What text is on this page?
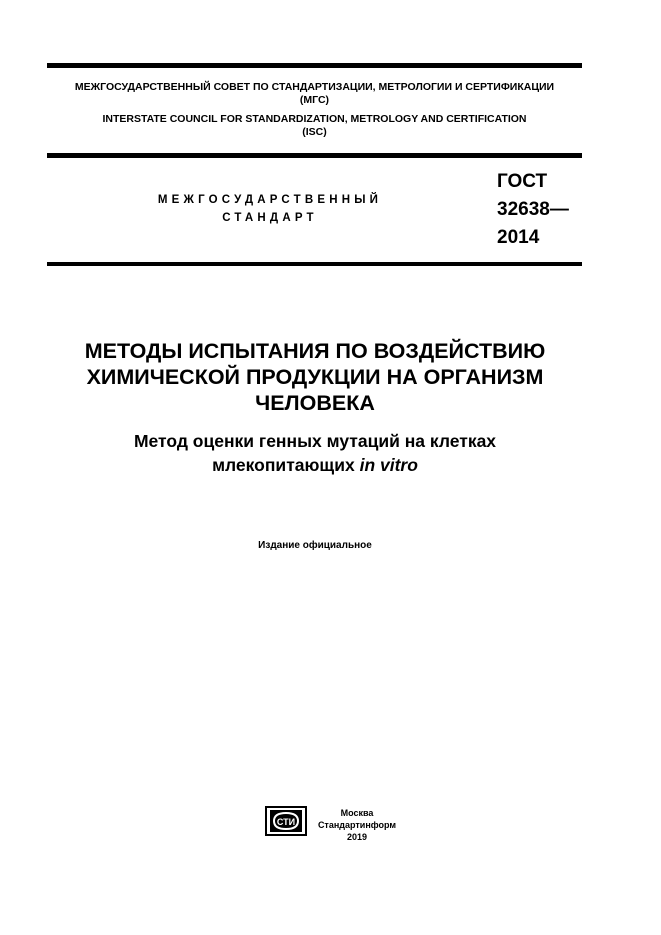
МЕЖГОСУДАРСТВЕННЫЙ СОВЕТ ПО СТАНДАРТИЗАЦИИ, МЕТРОЛОГИИ И СЕРТИФИКАЦИИ
(МГС)
INTERSTATE COUNCIL FOR STANDARDIZATION, METROLOGY AND CERTIFICATION
(ISC)
МЕЖГОСУДАРСТВЕННЫЙ
СТАНДАРТ
ГОСТ
32638—
2014
МЕТОДЫ ИСПЫТАНИЯ ПО ВОЗДЕЙСТВИЮ
ХИМИЧЕСКОЙ ПРОДУКЦИИ НА ОРГАНИЗМ
ЧЕЛОВЕКА
Метод оценки генных мутаций на клетках
млекопитающих in vitro
Издание официальное
СТИ
Москва
Стандартинформ
2019
